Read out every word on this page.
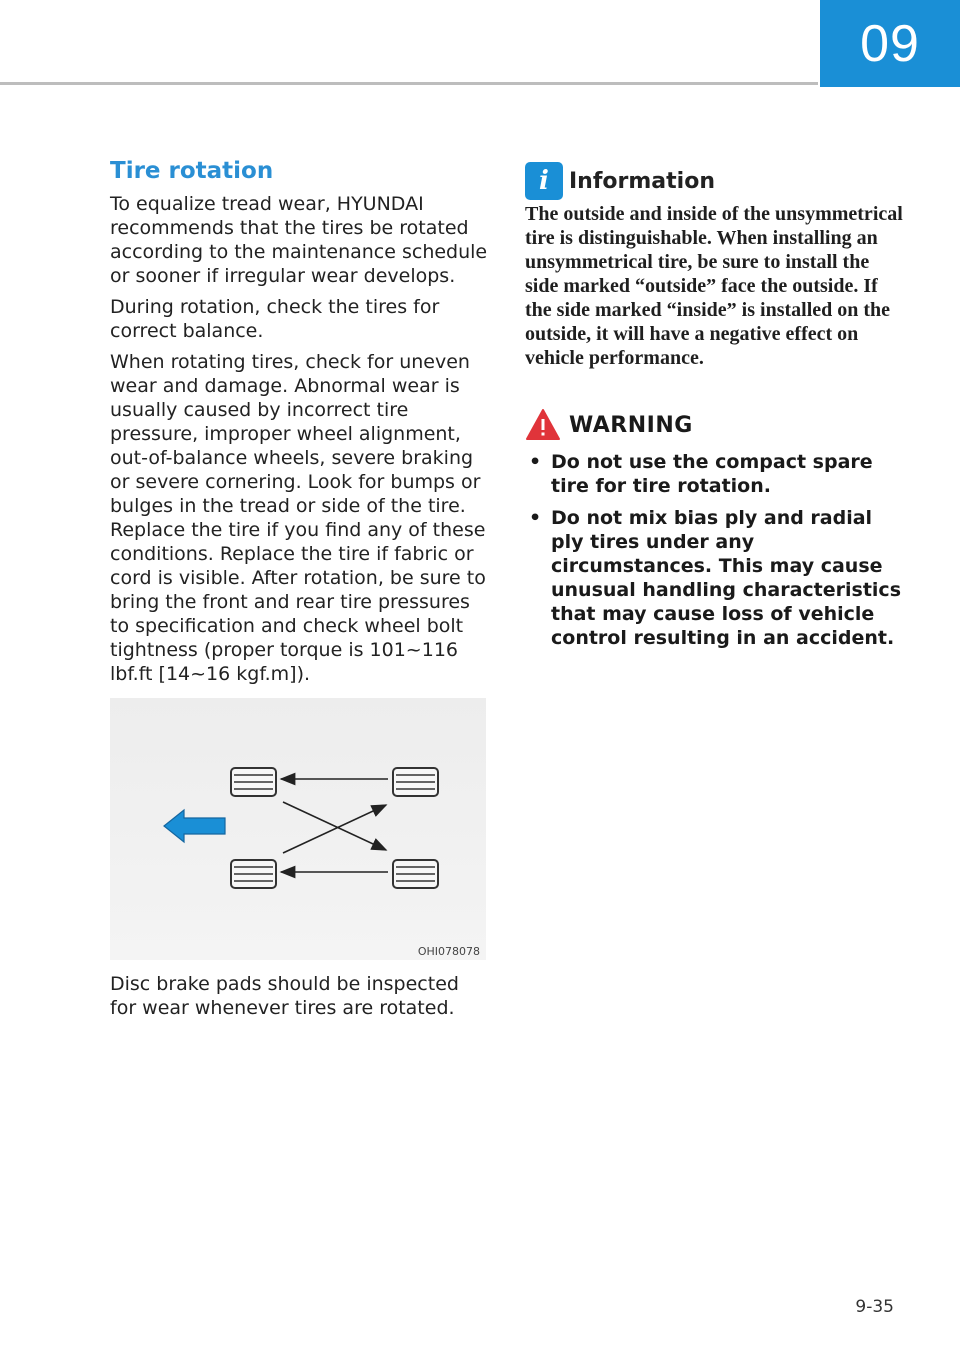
09
Tire rotation

To equalize tread wear, HYUNDAI recommends that the tires be rotated according to the maintenance schedule or sooner if irregular wear develops.

During rotation, check the tires for correct balance.

When rotating tires, check for uneven wear and damage. Abnormal wear is usually caused by incorrect tire pressure, improper wheel alignment, out-of-balance wheels, severe braking or severe cornering. Look for bumps or bulges in the tread or side of the tire. Replace the tire if you find any of these conditions. Replace the tire if fabric or cord is visible. After rotation, be sure to bring the front and rear tire pressures to specification and check wheel bolt tightness (proper torque is 101~116 lbf.ft [14~16 kgf.m]).

OHI078078

Disc brake pads should be inspected for wear whenever tires are rotated.

i Information

The outside and inside of the unsymmetrical tire is distinguishable. When installing an unsymmetrical tire, be sure to install the side marked “outside” face the outside. If the side marked “inside” is installed on the outside, it will have a negative effect on vehicle performance.

WARNING
• Do not use the compact spare tire for tire rotation.
• Do not mix bias ply and radial ply tires under any circumstances. This may cause unusual handling characteristics that may cause loss of vehicle control resulting in an accident.
9-35
